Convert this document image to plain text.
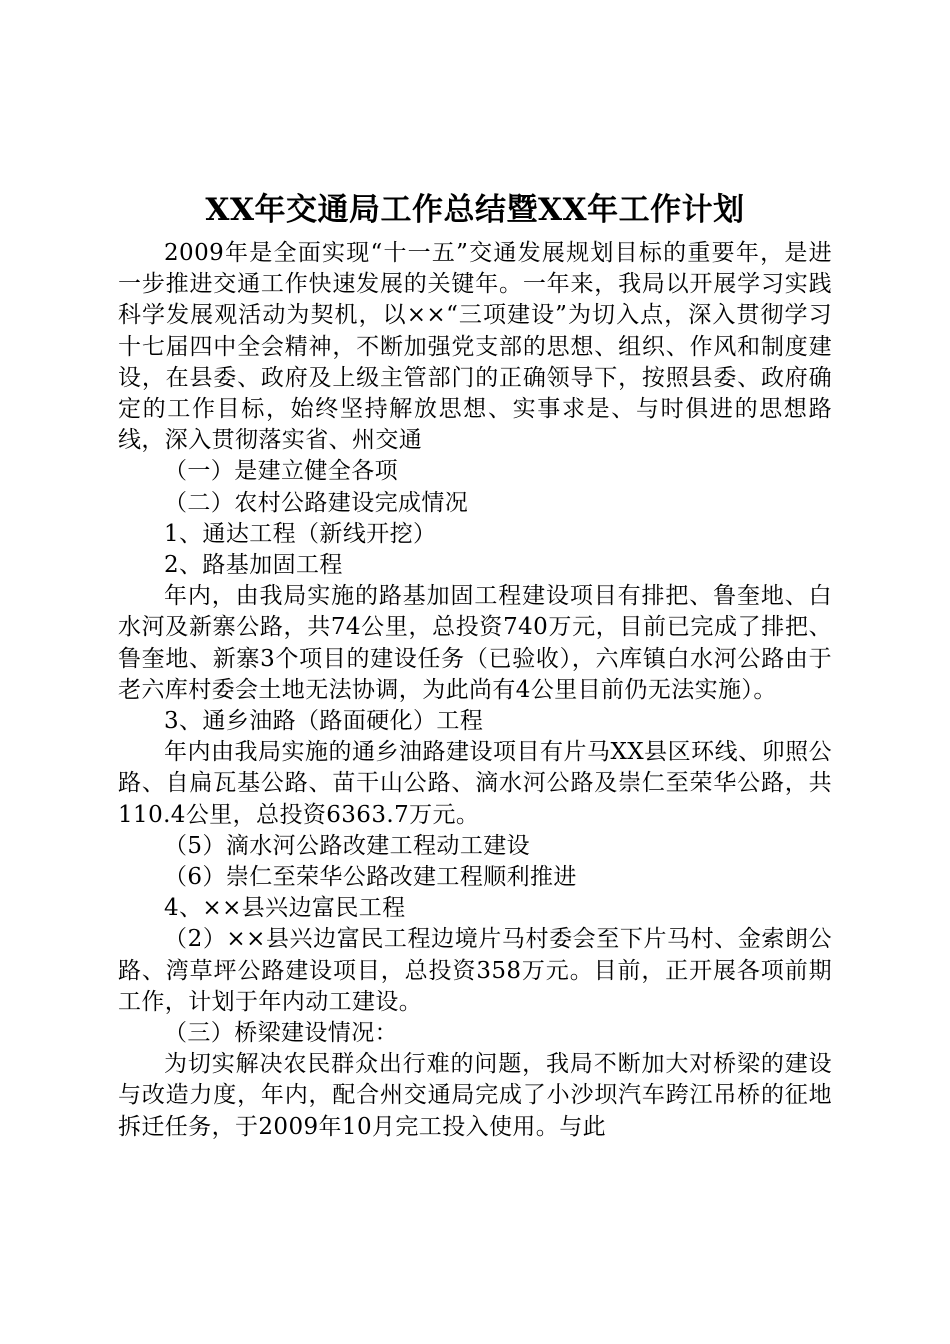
XX年交通局工作总结暨XX年工作计划

2009年是全面实现“十一五”交通发展规划目标的重要年，是进一步推进交通工作快速发展的关键年。一年来，我局以开展学习实践科学发展观活动为契机，以××“三项建设”为切入点，深入贯彻学习十七届四中全会精神，不断加强党支部的思想、组织、作风和制度建设，在县委、政府及上级主管部门的正确领导下，按照县委、政府确定的工作目标，始终坚持解放思想、实事求是、与时俱进的思想路线，深入贯彻落实省、州交通

（一）是建立健全各项

（二）农村公路建设完成情况

1、通达工程（新线开挖）

2、路基加固工程

年内，由我局实施的路基加固工程建设项目有排把、鲁奎地、白水河及新寨公路，共74公里，总投资740万元，目前已完成了排把、鲁奎地、新寨3个项目的建设任务（已验收），六库镇白水河公路由于老六库村委会土地无法协调，为此尚有4公里目前仍无法实施）。

3、通乡油路（路面硬化）工程

年内由我局实施的通乡油路建设项目有片马XX县区环线、卯照公路、自扁瓦基公路、苗干山公路、滴水河公路及崇仁至荣华公路，共110.4公里，总投资6363.7万元。

（5）滴水河公路改建工程动工建设

（6）崇仁至荣华公路改建工程顺利推进

4、××县兴边富民工程

（2）××县兴边富民工程边境片马村委会至下片马村、金索朗公路、湾草坪公路建设项目，总投资358万元。目前，正开展各项前期工作，计划于年内动工建设。

（三）桥梁建设情况：

为切实解决农民群众出行难的问题，我局不断加大对桥梁的建设与改造力度，年内，配合州交通局完成了小沙坝汽车跨江吊桥的征地拆迁任务，于2009年10月完工投入使用。与此
